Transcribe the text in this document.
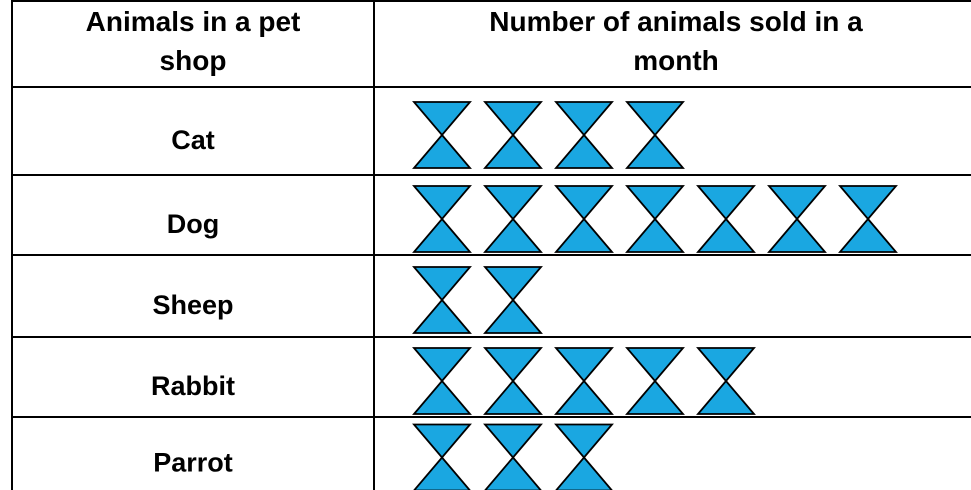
Animals in a pet
shop
Number of animals sold in a
month
Cat
Dog
Sheep
Rabbit
Parrot
